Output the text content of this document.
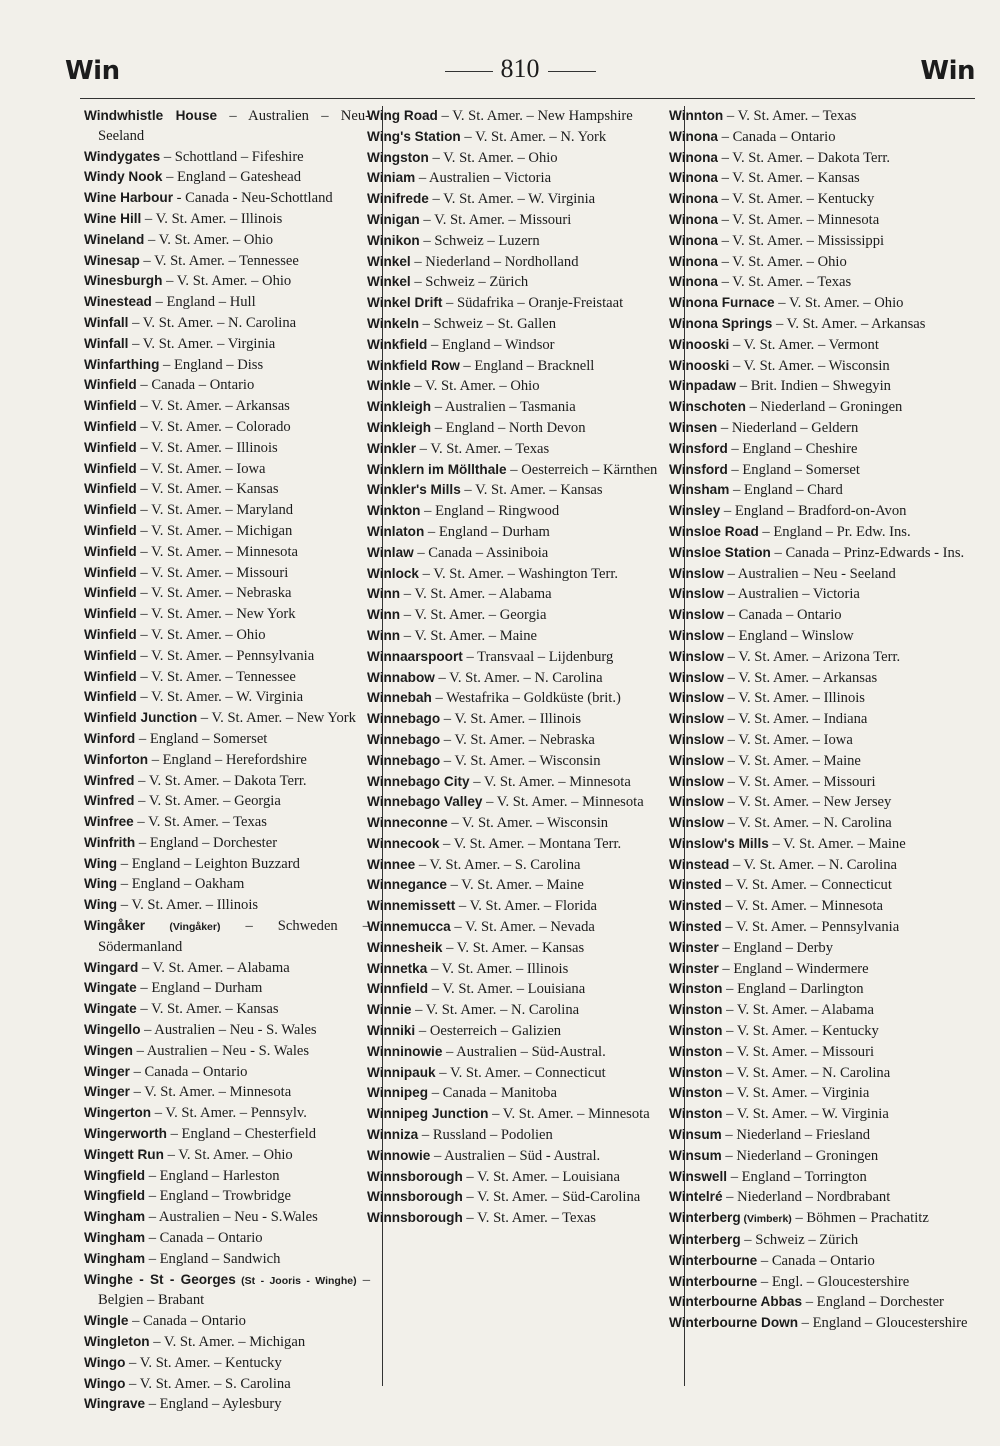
Win	810	Win
Windwhistle House – Australien – Neu-Seeland
Windygates – Schottland – Fifeshire
Windy Nook – England – Gateshead
Wine Harbour - Canada - Neu-Schottland
Wine Hill – V. St. Amer. – Illinois
Wineland – V. St. Amer. – Ohio
Winesap – V. St. Amer. – Tennessee
Winesburgh – V. St. Amer. – Ohio
Winestead – England – Hull
Winfall – V. St. Amer. – N. Carolina
Winfall – V. St. Amer. – Virginia
Winfarthing – England – Diss
Winfield – Canada – Ontario
Winfield – V. St. Amer. – Arkansas
Winfield – V. St. Amer. – Colorado
Winfield – V. St. Amer. – Illinois
Winfield – V. St. Amer. – Iowa
Winfield – V. St. Amer. – Kansas
Winfield – V. St. Amer. – Maryland
Winfield – V. St. Amer. – Michigan
Winfield – V. St. Amer. – Minnesota
Winfield – V. St. Amer. – Missouri
Winfield – V. St. Amer. – Nebraska
Winfield – V. St. Amer. – New York
Winfield – V. St. Amer. – Ohio
Winfield – V. St. Amer. – Pennsylvania
Winfield – V. St. Amer. – Tennessee
Winfield – V. St. Amer. – W. Virginia
Winfield Junction – V. St. Amer. – New York
Winford – England – Somerset
Winforton – England – Herefordshire
Winfred – V. St. Amer. – Dakota Terr.
Winfred – V. St. Amer. – Georgia
Winfree – V. St. Amer. – Texas
Winfrith – England – Dorchester
Wing – England – Leighton Buzzard
Wing – England – Oakham
Wing – V. St. Amer. – Illinois
Wingåker (Vingåker) – Schweden – Södermanland
Wingard – V. St. Amer. – Alabama
Wingate – England – Durham
Wingate – V. St. Amer. – Kansas
Wingello – Australien – Neu - S. Wales
Wingen – Australien – Neu - S. Wales
Winger – Canada – Ontario
Winger – V. St. Amer. – Minnesota
Wingerton – V. St. Amer. – Pennsylv.
Wingerworth – England – Chesterfield
Wingett Run – V. St. Amer. – Ohio
Wingfield – England – Harleston
Wingfield – England – Trowbridge
Wingham – Australien – Neu - S.Wales
Wingham – Canada – Ontario
Wingham – England – Sandwich
Winghe - St - Georges (St - Jooris - Winghe) – Belgien – Brabant
Wingle – Canada – Ontario
Wingleton – V. St. Amer. – Michigan
Wingo – V. St. Amer. – Kentucky
Wingo – V. St. Amer. – S. Carolina
Wingrave – England – Aylesbury
Wing Road – V. St. Amer. – New Hampshire
Wing's Station – V. St. Amer. – N. York
Wingston – V. St. Amer. – Ohio
Winiam – Australien – Victoria
Winifrede – V. St. Amer. – W. Virginia
Winigan – V. St. Amer. – Missouri
Winikon – Schweiz – Luzern
Winkel – Niederland – Nordholland
Winkel – Schweiz – Zürich
Winkel Drift – Südafrika – Oranje-Freistaat
Winkeln – Schweiz – St. Gallen
Winkfield – England – Windsor
Winkfield Row – England – Bracknell
Winkle – V. St. Amer. – Ohio
Winkleigh – Australien – Tasmania
Winkleigh – England – North Devon
Winkler – V. St. Amer. – Texas
Winklern im Möllthale – Oesterreich – Kärnthen
Winkler's Mills – V. St. Amer. – Kansas
Winkton – England – Ringwood
Winlaton – England – Durham
Winlaw – Canada – Assiniboia
Winlock – V. St. Amer. – Washington Terr.
Winn – V. St. Amer. – Alabama
Winn – V. St. Amer. – Georgia
Winn – V. St. Amer. – Maine
Winnaarspoort – Transvaal – Lijdenburg
Winnabow – V. St. Amer. – N. Carolina
Winnebah – Westafrika – Goldküste (brit.)
Winnebago – V. St. Amer. – Illinois
Winnebago – V. St. Amer. – Nebraska
Winnebago – V. St. Amer. – Wisconsin
Winnebago City – V. St. Amer. – Minnesota
Winnebago Valley – V. St. Amer. – Minnesota
Winneconne – V. St. Amer. – Wisconsin
Winnecook – V. St. Amer. – Montana Terr.
Winnee – V. St. Amer. – S. Carolina
Winnegance – V. St. Amer. – Maine
Winnemissett – V. St. Amer. – Florida
Winnemucca – V. St. Amer. – Nevada
Winnesheik – V. St. Amer. – Kansas
Winnetka – V. St. Amer. – Illinois
Winnfield – V. St. Amer. – Louisiana
Winnie – V. St. Amer. – N. Carolina
Winniki – Oesterreich – Galizien
Winninowie – Australien – Süd-Austral.
Winnipauk – V. St. Amer. – Connecticut
Winnipeg – Canada – Manitoba
Winnipeg Junction – V. St. Amer. – Minnesota
Winniza – Russland – Podolien
Winnowie – Australien – Süd - Austral.
Winnsborough – V. St. Amer. – Louisiana
Winnsborough – V. St. Amer. – Süd-Carolina
Winnsborough – V. St. Amer. – Texas
Winnton – V. St. Amer. – Texas
Winona – Canada – Ontario
Winona – V. St. Amer. – Dakota Terr.
Winona – V. St. Amer. – Kansas
Winona – V. St. Amer. – Kentucky
Winona – V. St. Amer. – Minnesota
Winona – V. St. Amer. – Mississippi
Winona – V. St. Amer. – Ohio
Winona – V. St. Amer. – Texas
Winona Furnace – V. St. Amer. – Ohio
Winona Springs – V. St. Amer. – Arkansas
Winooski – V. St. Amer. – Vermont
Winooski – V. St. Amer. – Wisconsin
Winpadaw – Brit. Indien – Shwegyin
Winschoten – Niederland – Groningen
Winsen – Niederland – Geldern
Winsford – England – Cheshire
Winsford – England – Somerset
Winsham – England – Chard
Winsley – England – Bradford-on-Avon
Winsloe Road – England – Pr. Edw. Ins.
Winsloe Station – Canada – Prinz-Edwards - Ins.
Winslow – Australien – Neu - Seeland
Winslow – Australien – Victoria
Winslow – Canada – Ontario
Winslow – England – Winslow
Winslow – V. St. Amer. – Arizona Terr.
Winslow – V. St. Amer. – Arkansas
Winslow – V. St. Amer. – Illinois
Winslow – V. St. Amer. – Indiana
Winslow – V. St. Amer. – Iowa
Winslow – V. St. Amer. – Maine
Winslow – V. St. Amer. – Missouri
Winslow – V. St. Amer. – New Jersey
Winslow – V. St. Amer. – N. Carolina
Winslow's Mills – V. St. Amer. – Maine
Winstead – V. St. Amer. – N. Carolina
Winsted – V. St. Amer. – Connecticut
Winsted – V. St. Amer. – Minnesota
Winsted – V. St. Amer. – Pennsylvania
Winster – England – Derby
Winster – England – Windermere
Winston – England – Darlington
Winston – V. St. Amer. – Alabama
Winston – V. St. Amer. – Kentucky
Winston – V. St. Amer. – Missouri
Winston – V. St. Amer. – N. Carolina
Winston – V. St. Amer. – Virginia
Winston – V. St. Amer. – W. Virginia
Winsum – Niederland – Friesland
Winsum – Niederland – Groningen
Winswell – England – Torrington
Wintelré – Niederland – Nordbrabant
Winterberg (Vimberk) – Böhmen – Prachatitz
Winterberg – Schweiz – Zürich
Winterbourne – Canada – Ontario
Winterbourne – Engl. – Gloucestershire
Winterbourne Abbas – England – Dorchester
Winterbourne Down – England – Gloucestershire
